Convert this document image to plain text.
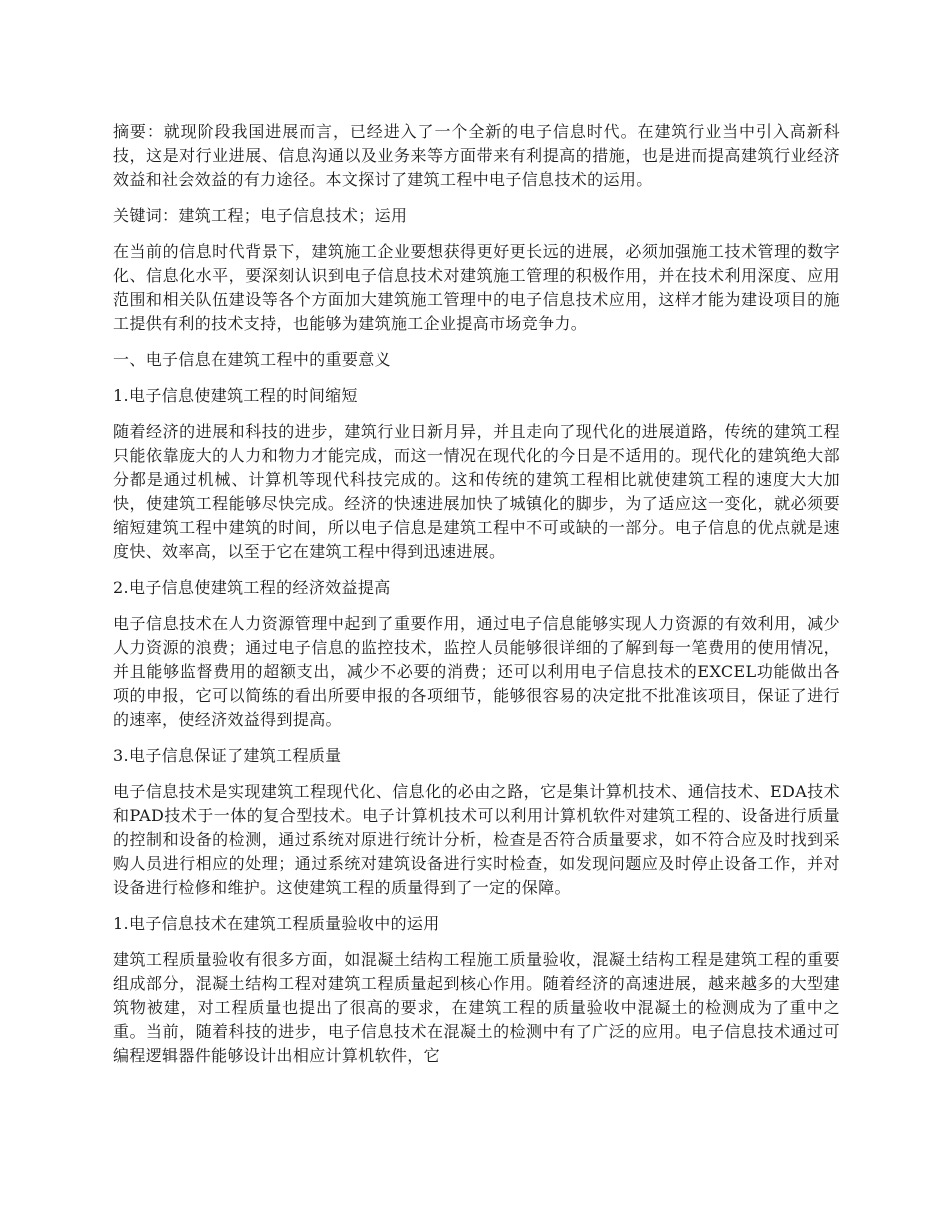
摘要：就现阶段我国进展而言，已经进入了一个全新的电子信息时代。在建筑行业当中引入高新科技，这是对行业进展、信息沟通以及业务来等方面带来有利提高的措施，也是进而提高建筑行业经济效益和社会效益的有力途径。本文探讨了建筑工程中电子信息技术的运用。

关键词：建筑工程；电子信息技术；运用

在当前的信息时代背景下，建筑施工企业要想获得更好更长远的进展，必须加强施工技术管理的数字化、信息化水平，要深刻认识到电子信息技术对建筑施工管理的积极作用，并在技术利用深度、应用范围和相关队伍建设等各个方面加大建筑施工管理中的电子信息技术应用，这样才能为建设项目的施工提供有利的技术支持，也能够为建筑施工企业提高市场竞争力。

一、电子信息在建筑工程中的重要意义

1.电子信息使建筑工程的时间缩短

随着经济的进展和科技的进步，建筑行业日新月异，并且走向了现代化的进展道路，传统的建筑工程只能依靠庞大的人力和物力才能完成，而这一情况在现代化的今日是不适用的。现代化的建筑绝大部分都是通过机械、计算机等现代科技完成的。这和传统的建筑工程相比就使建筑工程的速度大大加快，使建筑工程能够尽快完成。经济的快速进展加快了城镇化的脚步，为了适应这一变化，就必须要缩短建筑工程中建筑的时间，所以电子信息是建筑工程中不可或缺的一部分。电子信息的优点就是速度快、效率高，以至于它在建筑工程中得到迅速进展。

2.电子信息使建筑工程的经济效益提高

电子信息技术在人力资源管理中起到了重要作用，通过电子信息能够实现人力资源的有效利用，减少人力资源的浪费；通过电子信息的监控技术，监控人员能够很详细的了解到每一笔费用的使用情况，并且能够监督费用的超额支出，减少不必要的消费；还可以利用电子信息技术的EXCEL功能做出各项的申报，它可以简练的看出所要申报的各项细节，能够很容易的决定批不批准该项目，保证了进行的速率，使经济效益得到提高。

3.电子信息保证了建筑工程质量

电子信息技术是实现建筑工程现代化、信息化的必由之路，它是集计算机技术、通信技术、EDA技术和PAD技术于一体的复合型技术。电子计算机技术可以利用计算机软件对建筑工程的、设备进行质量的控制和设备的检测，通过系统对原进行统计分析，检查是否符合质量要求，如不符合应及时找到采购人员进行相应的处理；通过系统对建筑设备进行实时检查，如发现问题应及时停止设备工作，并对设备进行检修和维护。这使建筑工程的质量得到了一定的保障。

1.电子信息技术在建筑工程质量验收中的运用

建筑工程质量验收有很多方面，如混凝土结构工程施工质量验收，混凝土结构工程是建筑工程的重要组成部分，混凝土结构工程对建筑工程质量起到核心作用。随着经济的高速进展，越来越多的大型建筑物被建，对工程质量也提出了很高的要求，在建筑工程的质量验收中混凝土的检测成为了重中之重。当前，随着科技的进步，电子信息技术在混凝土的检测中有了广泛的应用。电子信息技术通过可编程逻辑器件能够设计出相应计算机软件，它
